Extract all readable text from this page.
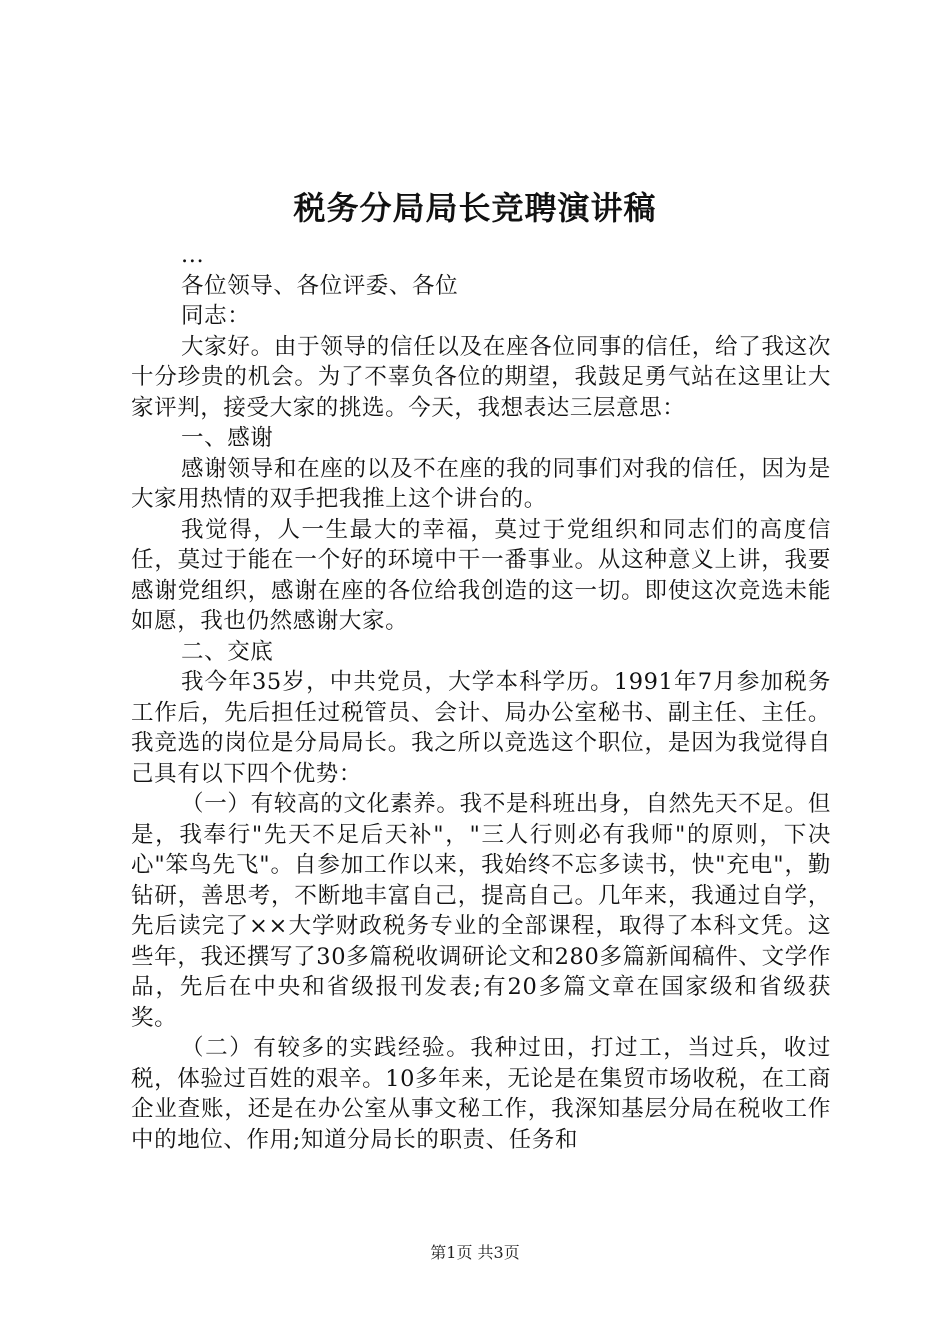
税务分局局长竞聘演讲稿

...

各位领导、各位评委、各位

同志：

大家好。由于领导的信任以及在座各位同事的信任，给了我这次十分珍贵的机会。为了不辜负各位的期望，我鼓足勇气站在这里让大家评判，接受大家的挑选。今天，我想表达三层意思：

一、感谢

感谢领导和在座的以及不在座的我的同事们对我的信任，因为是大家用热情的双手把我推上这个讲台的。

我觉得，人一生最大的幸福，莫过于党组织和同志们的高度信任，莫过于能在一个好的环境中干一番事业。从这种意义上讲，我要感谢党组织，感谢在座的各位给我创造的这一切。即使这次竞选未能如愿，我也仍然感谢大家。

二、交底

我今年35岁，中共党员，大学本科学历。1991年7月参加税务工作后，先后担任过税管员、会计、局办公室秘书、副主任、主任。我竞选的岗位是分局局长。我之所以竞选这个职位，是因为我觉得自己具有以下四个优势：

（一）有较高的文化素养。我不是科班出身，自然先天不足。但是，我奉行"先天不足后天补"，"三人行则必有我师"的原则，下决心"笨鸟先飞"。自参加工作以来，我始终不忘多读书，快"充电"，勤钻研，善思考，不断地丰富自己，提高自己。几年来，我通过自学，先后读完了××大学财政税务专业的全部课程，取得了本科文凭。这些年，我还撰写了30多篇税收调研论文和280多篇新闻稿件、文学作品，先后在中央和省级报刊发表;有20多篇文章在国家级和省级获奖。

（二）有较多的实践经验。我种过田，打过工，当过兵，收过税，体验过百姓的艰辛。10多年来，无论是在集贸市场收税，在工商企业查账，还是在办公室从事文秘工作，我深知基层分局在税收工作中的地位、作用;知道分局长的职责、任务和

第1页 共3页
